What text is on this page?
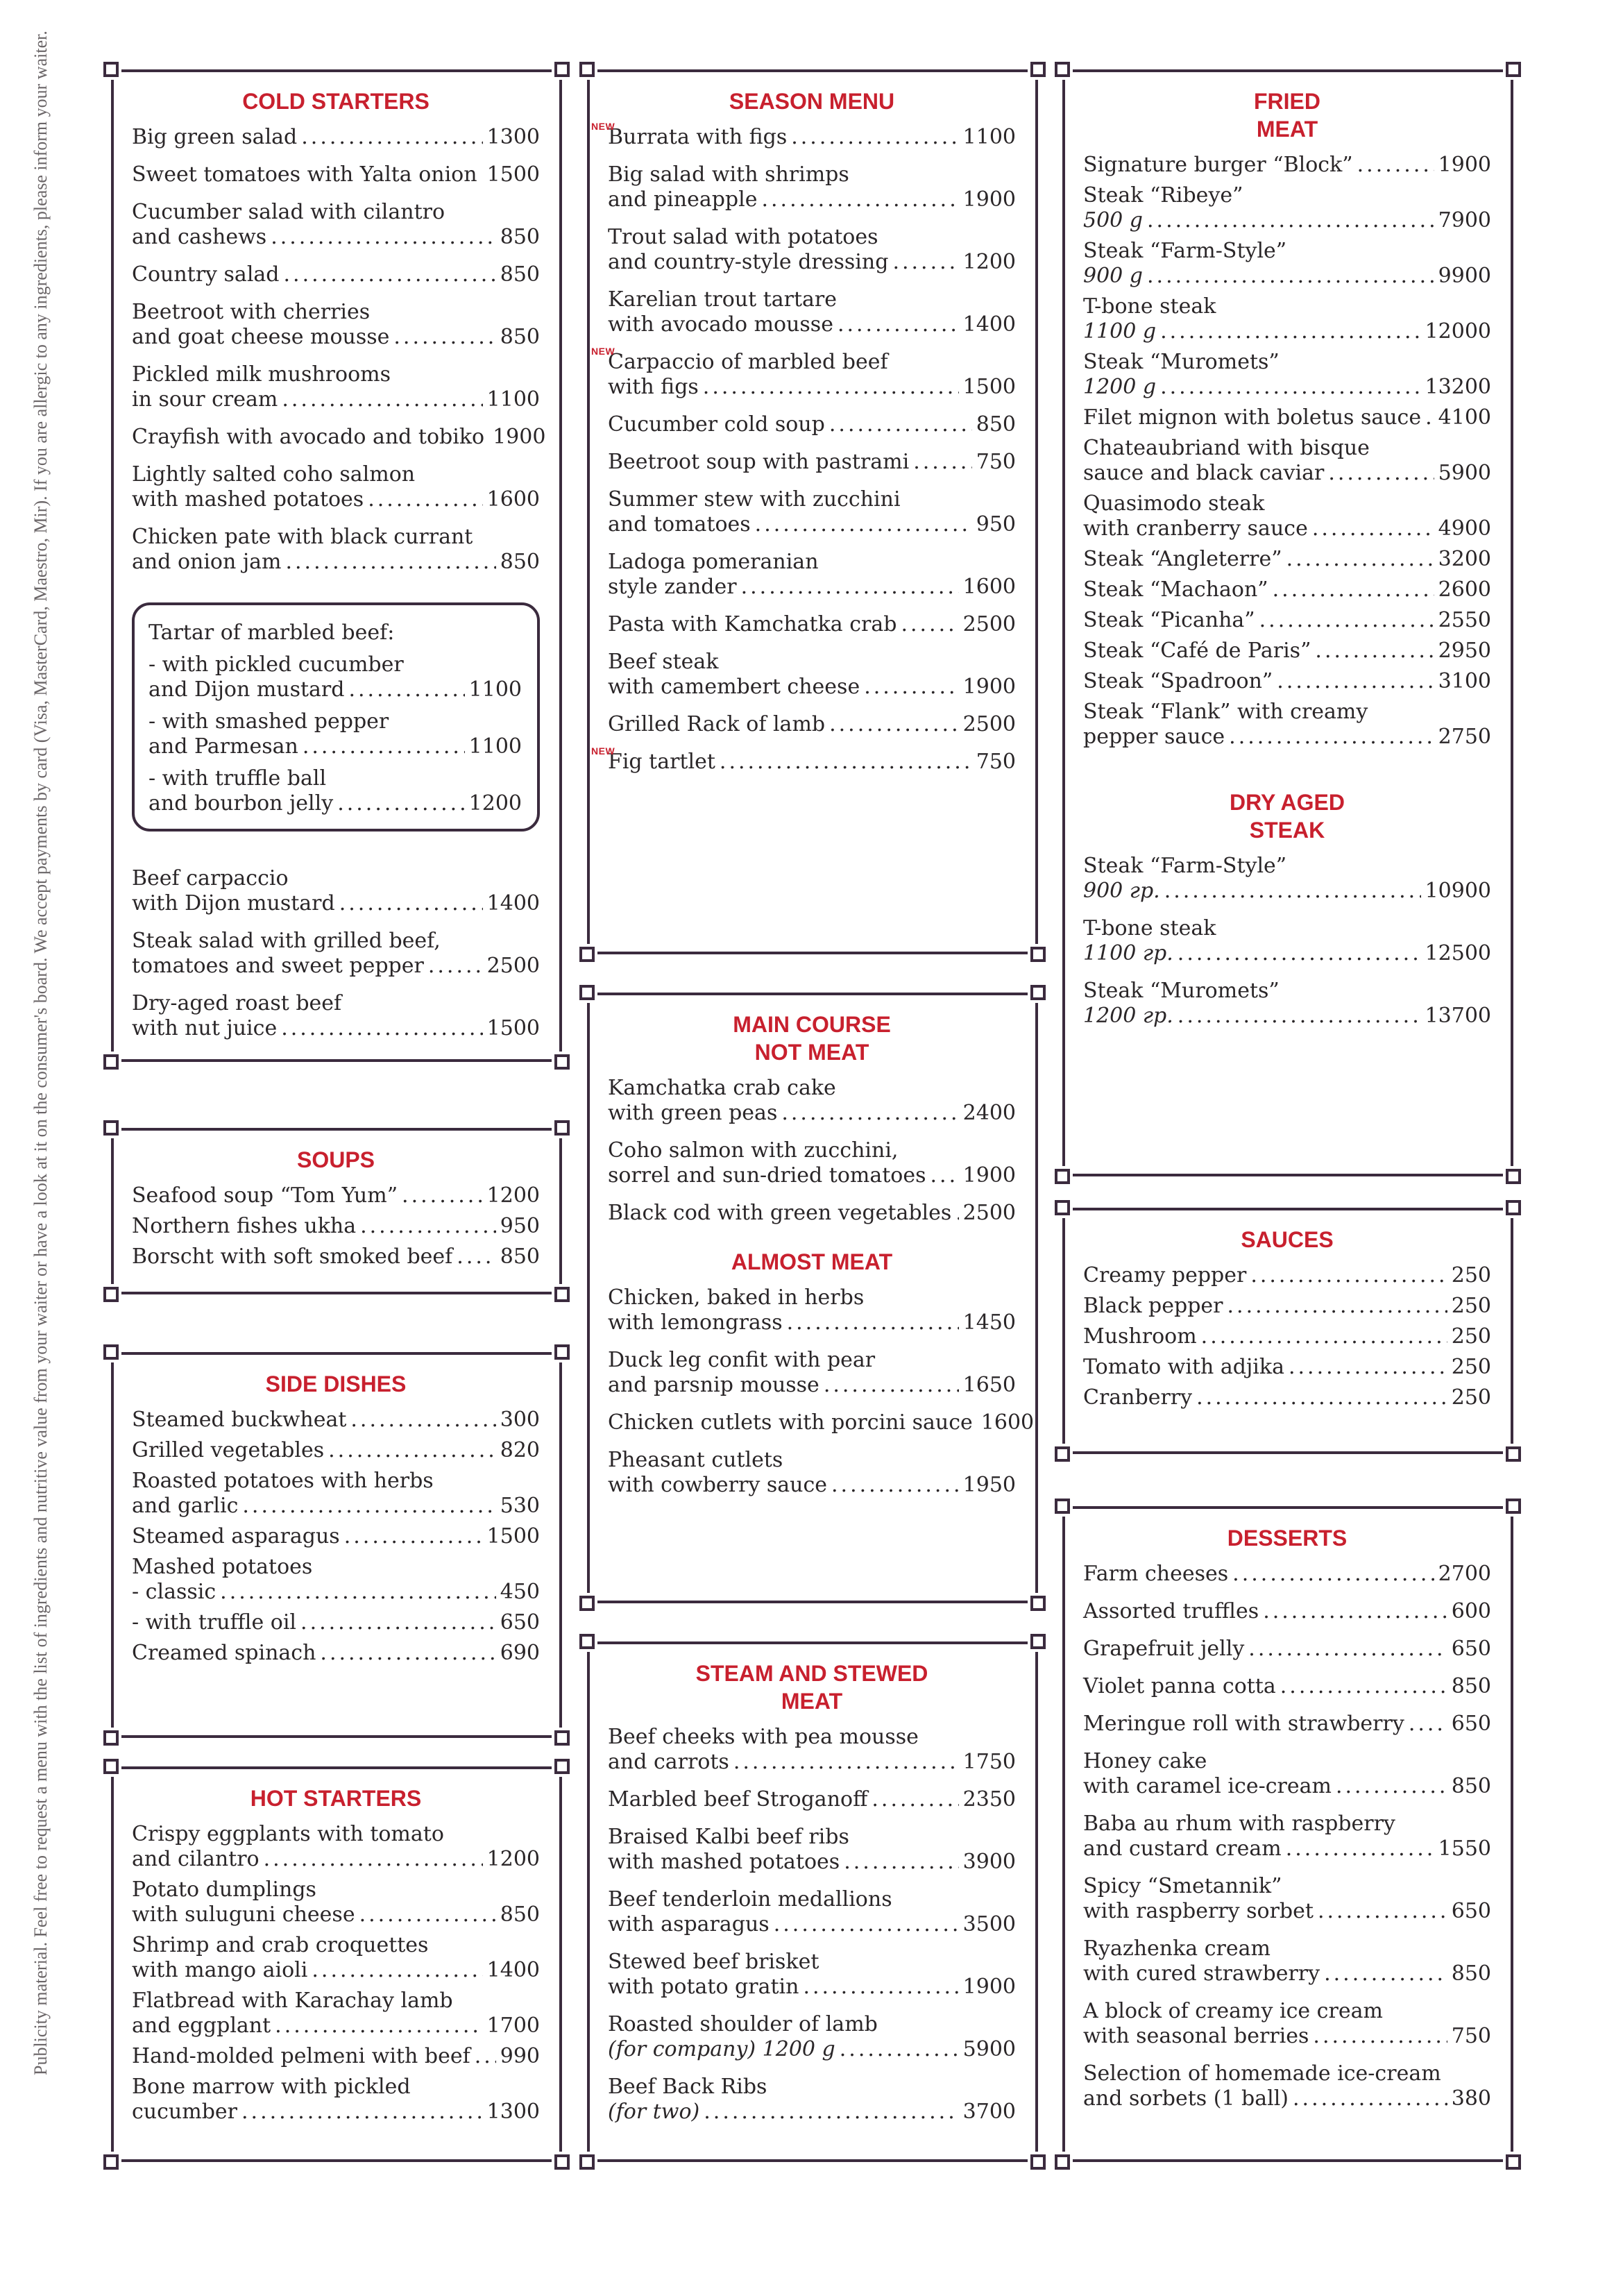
Publicity material. Feel free to request a menu with the list of ingredients and nutritive value from your waiter or have a look at it on the consumer's board. We accept payments by card (Visa, MasterCard, Maestro, Mir). If you are allergic to any ingredients, please inform your waiter.	COLD STARTERS
Big green salad .....	1300
Sweet tomatoes with Yalta onion ..... 1500
Cucumber salad with cilantro
and cashews .....	850
Country salad .....	850
Beetroot with cherries
and goat cheese mousse .....	850
Pickled milk mushrooms
in sour cream .....	1100
Crayfish with avocado and tobiko 1900
Lightly salted coho salmon
with mashed potatoes .....	1600
Chicken pate with black currant
and onion jam .....	850
Tartar of marbled beef:
- with pickled cucumber
and Dijon mustard .....	1100
- with smashed pepper
and Parmesan .....	1100
- with truffle ball
and bourbon jelly .....	1200
Beef carpaccio
with Dijon mustard .....	1400
Steak salad with grilled beef,
tomatoes and sweet pepper .....	2500
Dry-aged roast beef
with nut juice .....	1500
SOUPS
Seafood soup “Tom Yum” .....	1200
Northern fishes ukha .....	950
Borscht with soft smoked beef ..... 850
SIDE DISHES
Steamed buckwheat .....	300
Grilled vegetables .....	820
Roasted potatoes with herbs
and garlic .....	530
Steamed asparagus .....	1500
Mashed potatoes
- classic .....	450
- with truffle oil .....	650
Creamed spinach .....	690
HOT STARTERS
Crispy eggplants with tomato
and cilantro .....	1200
Potato dumplings
with suluguni cheese .....	850
Shrimp and crab croquettes
with mango aioli .....	1400
Flatbread with Karachay lamb
and eggplant .....	1700
Hand-molded pelmeni with beef ..... 990
Bone marrow with pickled
cucumber .....	1300
SEASON MENU
NEW
Burrata with figs .....	1100
Big salad with shrimps
and pineapple .....	1900
Trout salad with potatoes
and country-style dressing .....	1200
Karelian trout tartare
with avocado mousse .....	1400
NEW
Carpaccio of marbled beef
with figs .....	1500
Cucumber cold soup .....	850
Beetroot soup with pastrami .....	750
Summer stew with zucchini
and tomatoes .....	950
Ladoga pomeranian
style zander .....	1600
Pasta with Kamchatka crab .....	2500
Beef steak
with camembert cheese .....	1900
Grilled Rack of lamb .....	2500
NEW
Fig tartlet .....	750
MAIN COURSE
NOT MEAT
Kamchatka crab cake
with green peas .....	2400
Coho salmon with zucchini,
sorrel and sun-dried tomatoes ..... 1900
Black cod with green vegetables ..... 2500
ALMOST MEAT
Chicken, baked in herbs
with lemongrass .....	1450
Duck leg confit with pear
and parsnip mousse .....	1650
Chicken cutlets with porcini sauce 1600
Pheasant cutlets
with cowberry sauce .....	1950
STEAM AND STEWED
MEAT
Beef cheeks with pea mousse
and carrots .....	1750
Marbled beef Stroganoff .....	2350
Braised Kalbi beef ribs
with mashed potatoes .....	3900
Beef tenderloin medallions
with asparagus .....	3500
Stewed beef brisket
with potato gratin .....	1900
Roasted shoulder of lamb
(for company) 1200 g .....	5900
Beef Back Ribs
(for two) .....	3700
FRIED
MEAT
Signature burger “Block” .....	1900
Steak “Ribeye”
500 g .....	7900
Steak “Farm-Style”
900 g .....	9900
T-bone steak
1100 g .....	12000
Steak “Muromets”
1200 g .....	13200
Filet mignon with boletus sauce ..... 4100
Chateaubriand with bisque
sauce and black caviar .....	5900
Quasimodo steak
with cranberry sauce .....	4900
Steak “Angleterre” .....	3200
Steak “Machaon” .....	2600
Steak “Picanha” .....	2550
Steak “Café de Paris” .....	2950
Steak “Spadroon” .....	3100
Steak “Flank” with creamy
pepper sauce .....	2750
DRY AGED
STEAK
Steak “Farm-Style”
900 гр. .....	10900
T-bone steak
1100 гр. .....	12500
Steak “Muromets”
1200 гр. .....	13700
SAUCES
Creamy pepper .....	250
Black pepper .....	250
Mushroom .....	250
Tomato with adjika .....	250
Cranberry .....	250
DESSERTS
Farm cheeses .....	2700
Assorted truffles .....	600
Grapefruit jelly .....	650
Violet panna cotta .....	850
Meringue roll with strawberry ..... 650
Honey cake
with caramel ice-cream .....	850
Baba au rhum with raspberry
and custard cream .....	1550
Spicy “Smetannik”
with raspberry sorbet .....	650
Ryazhenka cream
with cured strawberry .....	850
A block of creamy ice cream
with seasonal berries .....	750
Selection of homemade ice-cream
and sorbets (1 ball) .....	380
